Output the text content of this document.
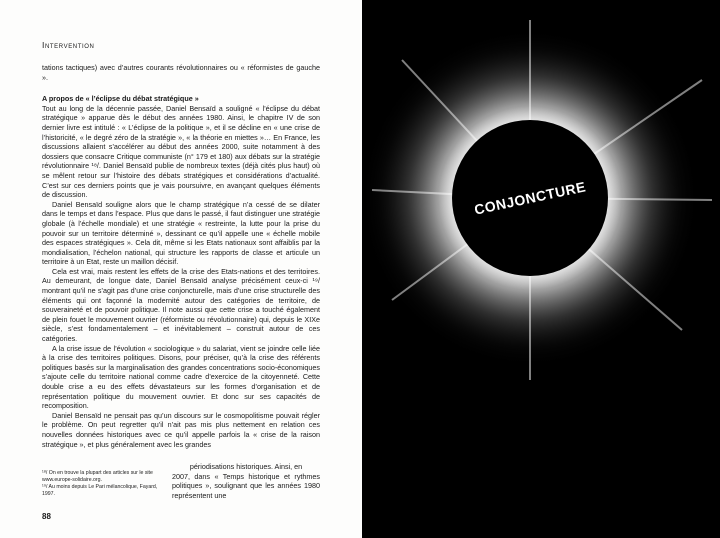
Intervention

tations tactiques) avec d’autres courants révolutionnaires ou « réformistes de gauche ».

A propos de « l’éclipse du débat stratégique »

Tout au long de la décennie passée, Daniel Bensaïd a souligné « l’éclipse du débat stratégique » apparue dès le début des années 1980. Ainsi, le chapitre IV de son dernier livre est intitulé : « L’éclipse de la politique », et il se décline en « une crise de l’historicité, « le degré zéro de la stratégie », « la théorie en miettes »… En France, les discussions allaient s’accélérer au début des années 2000, suite notamment à des dossiers que consacre Critique communiste (n° 179 et 180) aux débats sur la stratégie révolutionnaire ¹⁸/. Daniel Bensaïd publie de nombreux textes (déjà cités plus haut) où se mêlent retour sur l’histoire des débats stratégiques et considérations d’actualité. C’est sur ces derniers points que je vais poursuivre, en avançant quelques éléments de discussion.

Daniel Bensaïd souligne alors que le champ stratégique n’a cessé de se dilater dans le temps et dans l’espace. Plus que dans le passé, il faut distinguer une stratégie globale (à l’échelle mondiale) et une stratégie « restreinte, la lutte pour la prise du pouvoir sur un territoire déterminé », dessinant ce qu’il appelle une « échelle mobile des espaces stratégiques ». Cela dit, même si les Etats nationaux sont affaiblis par la mondialisation, l’échelon national, qui structure les rapports de classe et articule un territoire à un Etat, reste un maillon décisif.

Cela est vrai, mais restent les effets de la crise des Etats-nations et des territoires. Au demeurant, de longue date, Daniel Bensaïd analyse précisément ceux-ci ¹⁹/ montrant qu’il ne s’agit pas d’une crise conjoncturelle, mais d’une crise structurelle des éléments qui ont façonné la modernité autour des catégories de territoire, de souveraineté et de pouvoir politique. Il note aussi que cette crise a touché également de plein fouet le mouvement ouvrier (réformiste ou révolutionnaire) qui, depuis le XIXe siècle, s’est fondamentalement – et inévitablement – construit autour de ces catégories.

A la crise issue de l’évolution « sociologique » du salariat, vient se joindre celle liée à la crise des territoires politiques. Disons, pour préciser, qu’à la crise des référents politiques basés sur la marginalisation des grandes concentrations socio-économiques s’ajoute celle du territoire national comme cadre d’exercice de la citoyenneté. Cette double crise a eu des effets dévastateurs sur les formes d’organisation et de représentation politique du mouvement ouvrier. Et donc sur ses capacités de recomposition.

Daniel Bensaïd ne pensait pas qu’un discours sur le cosmopolitisme pouvait régler le problème. On peut regretter qu’il n’ait pas mis plus nettement en relation ces nouvelles données historiques avec ce qu’il appelle parfois la « crise de la raison stratégique », et plus généralement avec les grandes

¹⁸/ On en trouve la plupart des articles sur le site www.europe-solidaire.org.

¹⁹/ Au moins depuis Le Pari mélancolique, Fayard, 1997.

périodisations historiques. Ainsi, en

2007, dans « Temps historique et rythmes politiques », soulignant que les années 1980 représentent une

88
CONJONCTURE
